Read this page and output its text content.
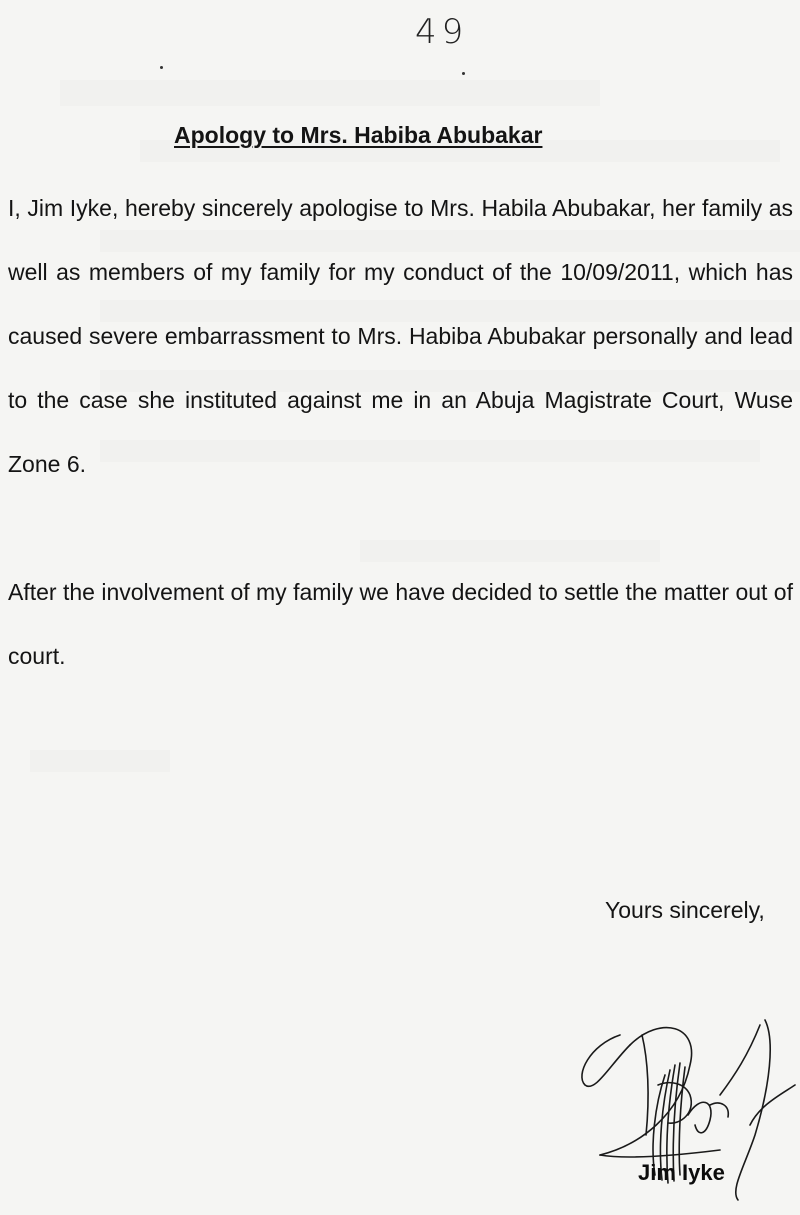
49
Apology to Mrs. Habiba Abubakar

I, Jim Iyke, hereby sincerely apologise to Mrs. Habila Abubakar, her family as well as members of my family for my conduct of the 10/09/2011, which has caused severe embarrassment to Mrs. Habiba Abubakar personally and lead to the case she instituted against me in an Abuja Magistrate Court, Wuse Zone 6.

After the involvement of my family we have decided to settle the matter out of court.

Yours sincerely,
Jim Iyke
